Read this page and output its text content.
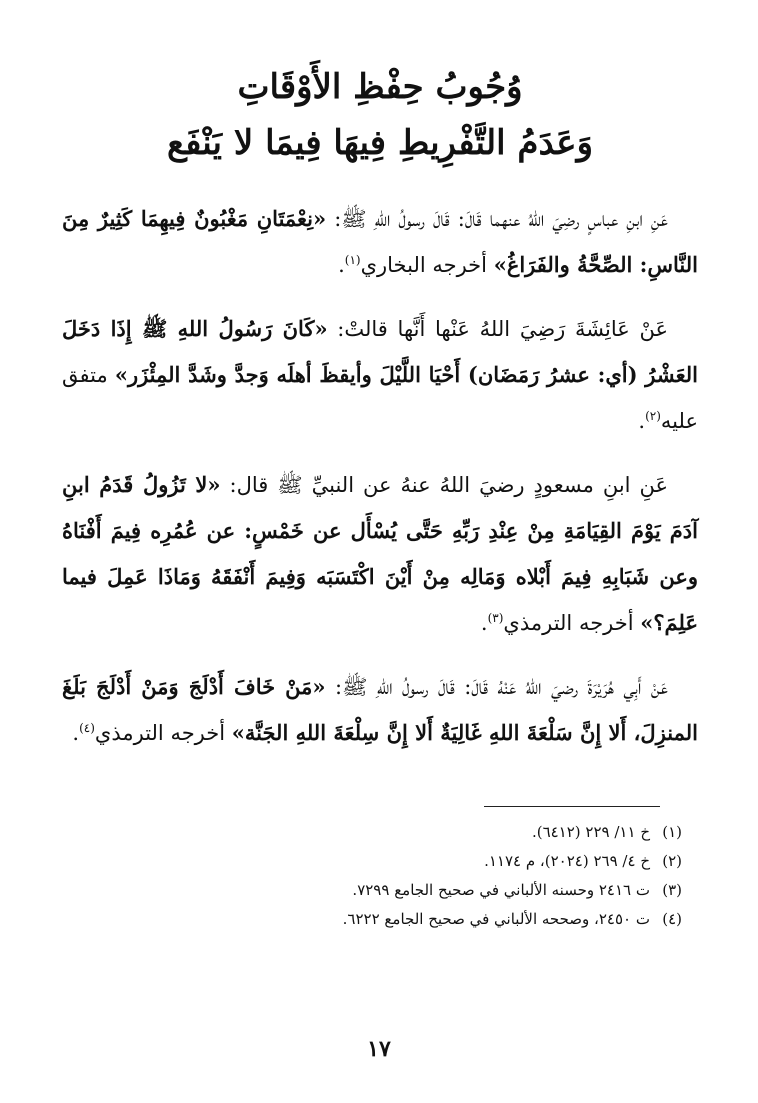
وُجُوبُ حِفْظِ الأَوْقَاتِ
وَعَدَمُ التَّفْرِيطِ فِيهَا فِيمَا لا يَنْفَع

عَنِ ابنِ عباسٍ رضِيَ اللهُ عنهما قَالَ: قَالَ رسولُ اللهِ ﷺ: «نِعْمَتَانِ مَغْبُونٌ فِيهِمَا كَثِيرٌ مِنَ النَّاسِ: الصِّحَّةُ والفَرَاغُ» أخرجه البخاري$^{(١)}$.

عَنْ عَائِشَةَ رَضِيَ اللهُ عَنْها أَنَّها قالتْ: «كَانَ رَسُولُ اللهِ ﷺ إِذَا دَخَلَ العَشْرُ (أي: عشرُ رَمَضَان) أَحْيَا اللَّيْلَ وأيقظَ أهلَه وَجدَّ وشَدَّ المِئْزَر» متفق عليه$^{(٢)}$.

عَنِ ابنِ مسعودٍ رضيَ اللهُ عنهُ عن النبيِّ ﷺ قال: «لا تَزُولُ قَدَمُ ابنِ آدَمَ يَوْمَ القِيَامَةِ مِنْ عِنْدِ رَبِّهِ حَتَّى يُسْأَل عن خَمْسٍ: عن عُمُرِه فِيمَ أَفْنَاهُ وعن شَبَابِهِ فِيمَ أَبْلاه وَمَالِه مِنْ أَيْنَ اكْتَسَبَه وَفِيمَ أَنْفَقَهُ وَمَاذَا عَمِلَ فيما عَلِمَ؟» أخرجه الترمذي$^{(٣)}$.

عَنْ أَبِي هُرَيْرَةَ رضيَ اللهُ عَنْهُ قَالَ: قَالَ رسولُ اللهِ ﷺ: «مَنْ خَافَ أَدْلَجَ وَمَنْ أَدْلَجَ بَلَغَ المنزِلَ، أَلا إِنَّ سَلْعَةَ اللهِ غَالِيَةٌ أَلا إِنَّ سِلْعَةَ اللهِ الجَنَّة» أخرجه الترمذي$^{(٤)}$.

(١)خ ١١/ ٢٢٩ (٦٤١٢).
(٢)خ ٤/ ٢٦٩ (٢٠٢٤)، م ١١٧٤.
(٣)ت ٢٤١٦ وحسنه الألباني في صحيح الجامع ٧٢٩٩.
(٤)ت ٢٤٥٠، وصححه الألباني في صحيح الجامع ٦٢٢٢.
١٧
